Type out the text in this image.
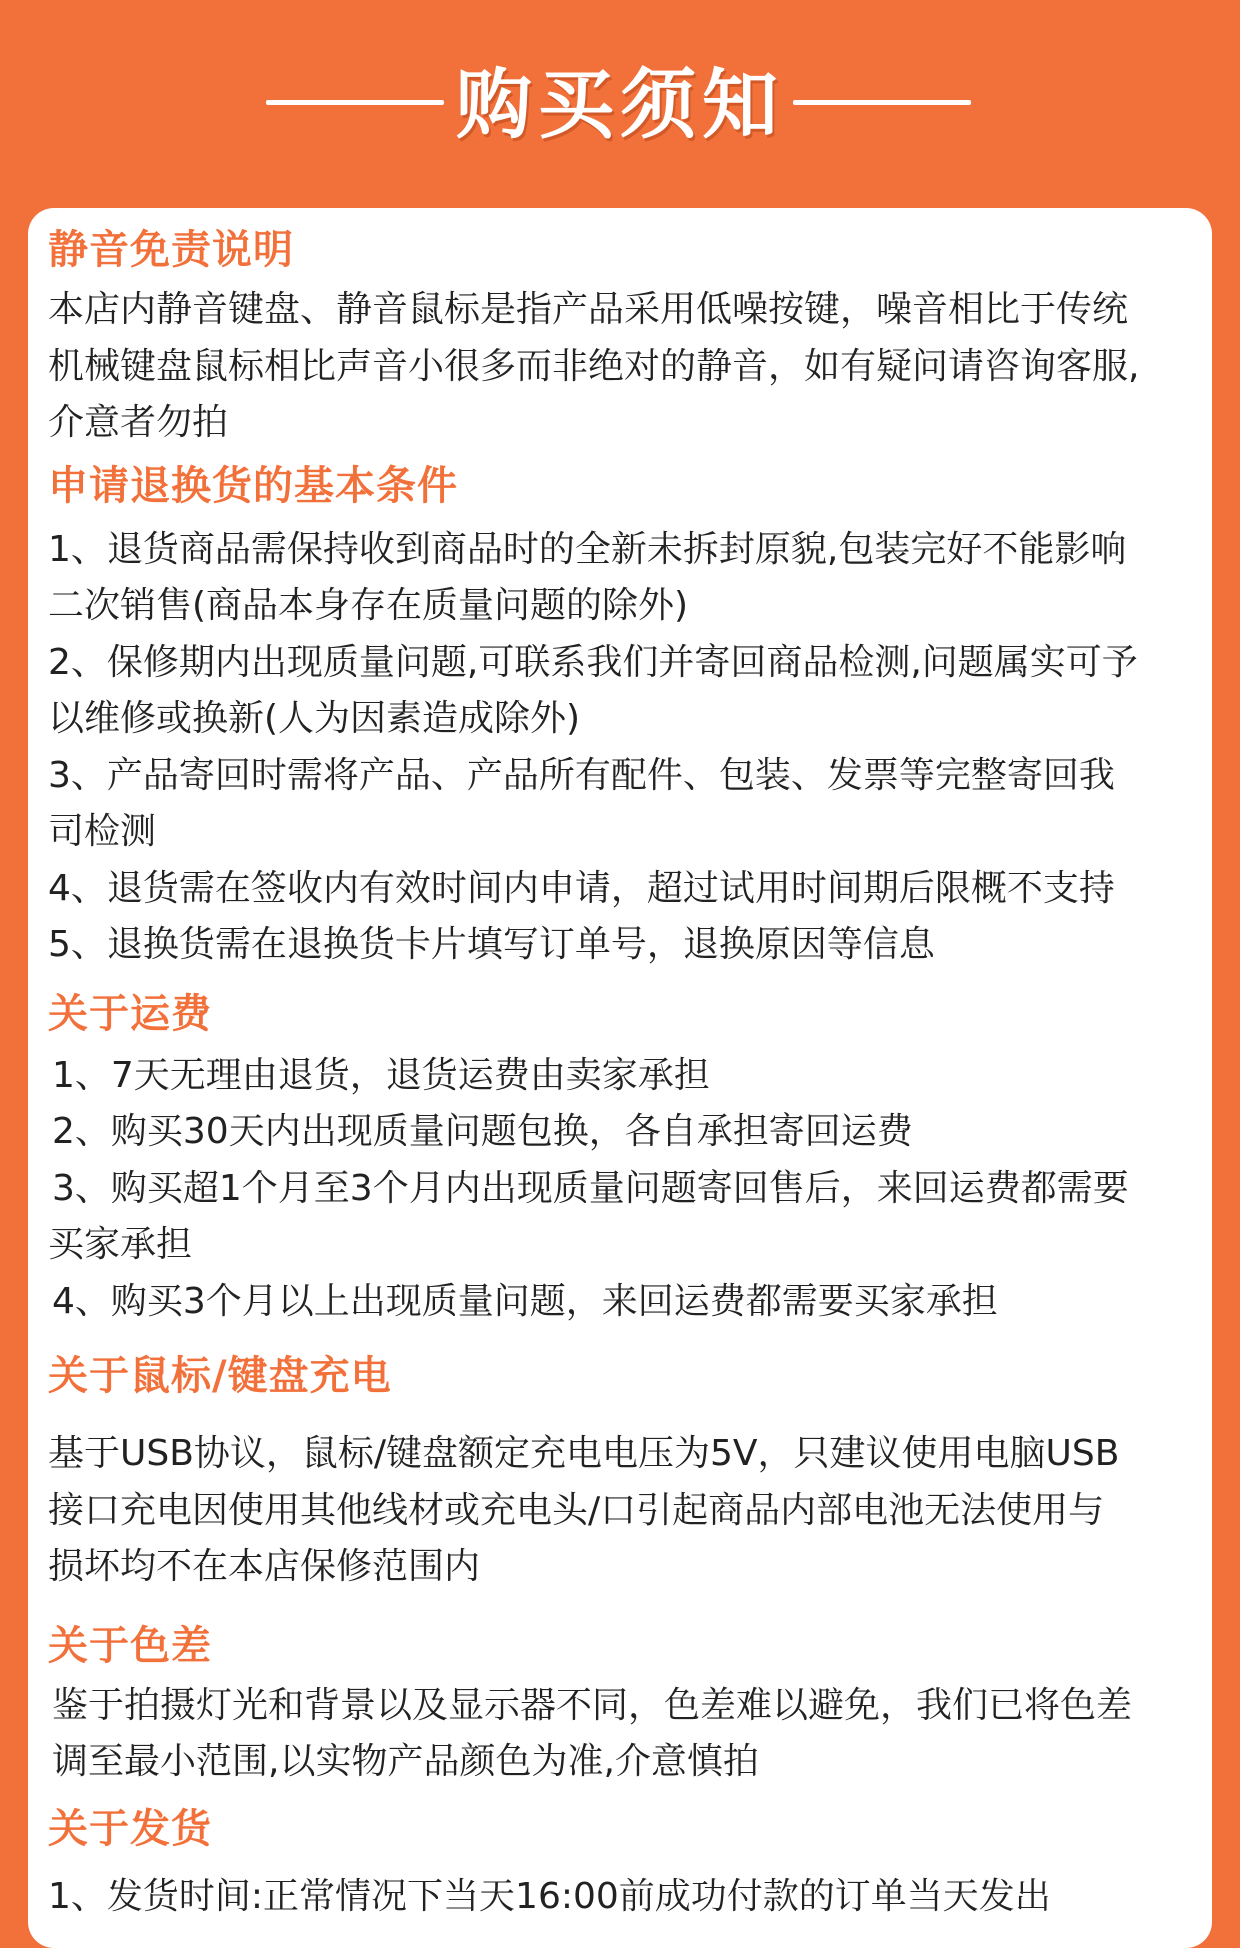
购买须知

静音免责说明

本店内静音键盘、静音鼠标是指产品采用低噪按键，噪音相比于传统

机械键盘鼠标相比声音小很多而非绝对的静音，如有疑问请咨询客服,

介意者勿拍

申请退换货的基本条件

1、退货商品需保持收到商品时的全新未拆封原貌,包装完好不能影响

二次销售(商品本身存在质量问题的除外)

2、保修期内出现质量问题,可联系我们并寄回商品检测,问题属实可予

以维修或换新(人为因素造成除外)

3、产品寄回时需将产品、产品所有配件、包装、发票等完整寄回我

司检测

4、退货需在签收内有效时间内申请，超过试用时间期后限概不支持

5、退换货需在退换货卡片填写订单号，退换原因等信息

关于运费

1、7天无理由退货，退货运费由卖家承担

2、购买30天内出现质量问题包换，各自承担寄回运费

3、购买超1个月至3个月内出现质量问题寄回售后，来回运费都需要

买家承担

4、购买3个月以上出现质量问题，来回运费都需要买家承担

关于鼠标/键盘充电

基于USB协议，鼠标/键盘额定充电电压为5V，只建议使用电脑USB

接口充电因使用其他线材或充电头/口引起商品内部电池无法使用与

损坏均不在本店保修范围内

关于色差

鉴于拍摄灯光和背景以及显示器不同，色差难以避免，我们已将色差

调至最小范围,以实物产品颜色为准,介意慎拍

关于发货

1、发货时间:正常情况下当天16:00前成功付款的订单当天发出
